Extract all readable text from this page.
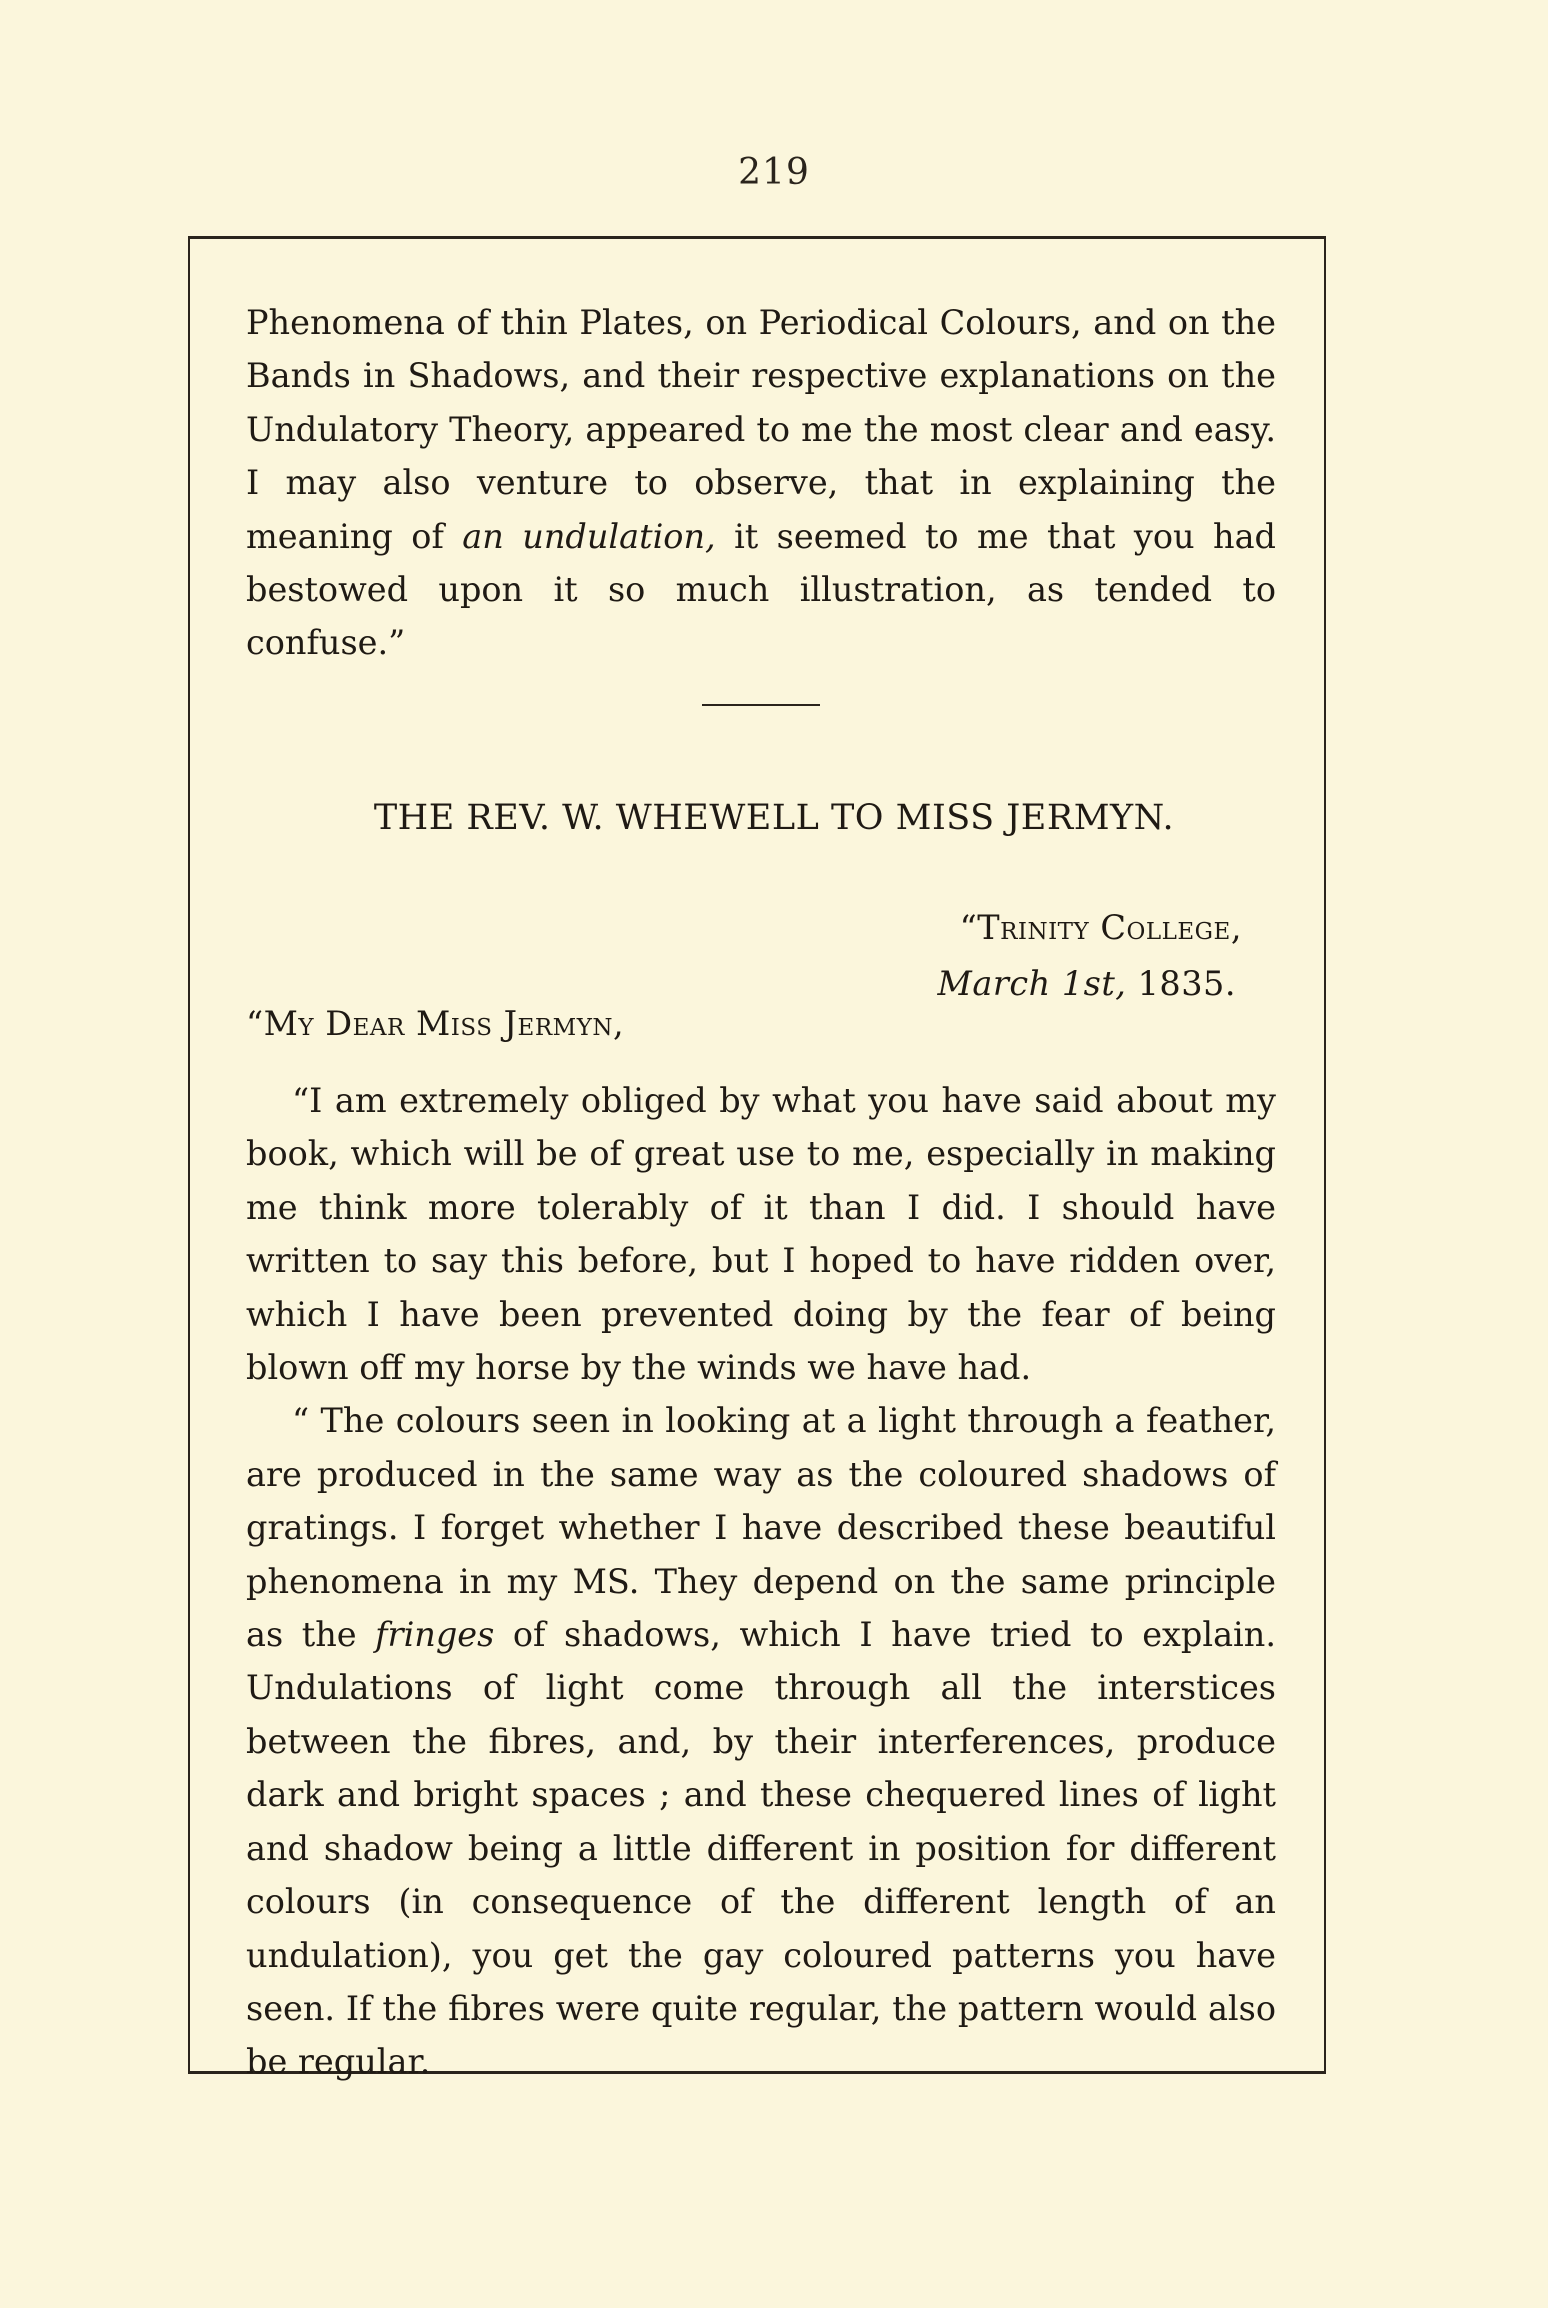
219
Phenomena of thin Plates, on Periodical Colours, and on the Bands in Shadows, and their respective explanations on the Undulatory Theory, appeared to me the most clear and easy. I may also venture to observe, that in explaining the meaning of an undulation, it seemed to me that you had bestowed upon it so much illustration, as tended to confuse.”
THE REV. W. WHEWELL TO MISS JERMYN.
“Trinity College,
March 1st, 1835.
“My Dear Miss Jermyn,

“I am extremely obliged by what you have said about my book, which will be of great use to me, especially in making me think more tolerably of it than I did. I should have written to say this before, but I hoped to have ridden over, which I have been prevented doing by the fear of being blown off my horse by the winds we have had.

“ The colours seen in looking at a light through a feather, are produced in the same way as the coloured shadows of gratings. I forget whether I have described these beautiful phenomena in my MS. They depend on the same principle as the fringes of shadows, which I have tried to explain. Undulations of light come through all the interstices between the fibres, and, by their interferences, produce dark and bright spaces ; and these chequered lines of light and shadow being a little different in position for different colours (in consequence of the different length of an undulation), you get the gay coloured patterns you have seen. If the fibres were quite regular, the pattern would also be regular.
